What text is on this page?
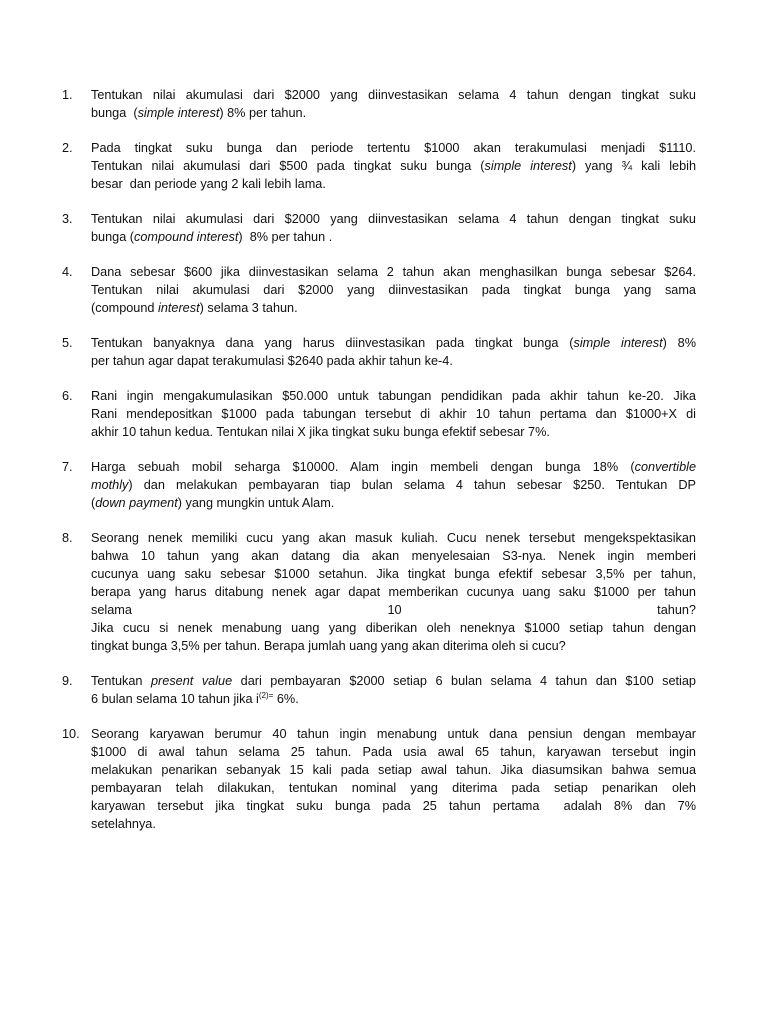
1.	Tentukan nilai akumulasi dari $2000 yang diinvestasikan selama 4 tahun dengan tingkat suku
bunga  (simple interest) 8% per tahun.
2.	Pada tingkat suku bunga dan periode tertentu $1000 akan terakumulasi menjadi $1110.
Tentukan nilai akumulasi dari $500 pada tingkat suku bunga (simple interest) yang ¾ kali lebih
besar  dan periode yang 2 kali lebih lama.
3.	Tentukan nilai akumulasi dari $2000 yang diinvestasikan selama 4 tahun dengan tingkat suku
bunga (compound interest)  8% per tahun .
4.	Dana sebesar $600 jika diinvestasikan selama 2 tahun akan menghasilkan bunga sebesar $264.
Tentukan nilai akumulasi dari $2000 yang diinvestasikan pada tingkat bunga yang sama
(compound interest) selama 3 tahun.
5.	Tentukan banyaknya dana yang harus diinvestasikan pada tingkat bunga (simple interest) 8%
per tahun agar dapat terakumulasi $2640 pada akhir tahun ke-4.
6.	Rani ingin mengakumulasikan $50.000 untuk tabungan pendidikan pada akhir tahun ke-20. Jika
Rani mendepositkan $1000 pada tabungan tersebut di akhir 10 tahun pertama dan $1000+X di
akhir 10 tahun kedua. Tentukan nilai X jika tingkat suku bunga efektif sebesar 7%.
7.	Harga sebuah mobil seharga $10000. Alam ingin membeli dengan bunga 18% (convertible
mothly) dan melakukan pembayaran tiap bulan selama 4 tahun sebesar $250. Tentukan DP
(down payment) yang mungkin untuk Alam.
8.	Seorang nenek memiliki cucu yang akan masuk kuliah. Cucu nenek tersebut mengekspektasikan
bahwa 10 tahun yang akan datang dia akan menyelesaian S3-nya. Nenek ingin memberi
cucunya uang saku sebesar $1000 setahun. Jika tingkat bunga efektif sebesar 3,5% per tahun,
berapa yang harus ditabung nenek agar dapat memberikan cucunya uang saku $1000 per tahun
selama 10 tahun?
Jika cucu si nenek menabung uang yang diberikan oleh neneknya $1000 setiap tahun dengan
tingkat bunga 3,5% per tahun. Berapa jumlah uang yang akan diterima oleh si cucu?
9.	Tentukan present value dari pembayaran $2000 setiap 6 bulan selama 4 tahun dan $100 setiap
6 bulan selama 10 tahun jika $i^{(2)=}$ 6%.
10. Seorang karyawan berumur 40 tahun ingin menabung untuk dana pensiun dengan membayar
$1000 di awal tahun selama 25 tahun. Pada usia awal 65 tahun, karyawan tersebut ingin
melakukan penarikan sebanyak 15 kali pada setiap awal tahun. Jika diasumsikan bahwa semua
pembayaran telah dilakukan, tentukan nominal yang diterima pada setiap penarikan oleh
karyawan tersebut jika tingkat suku bunga pada 25 tahun pertama  adalah 8% dan 7%
setelahnya.
